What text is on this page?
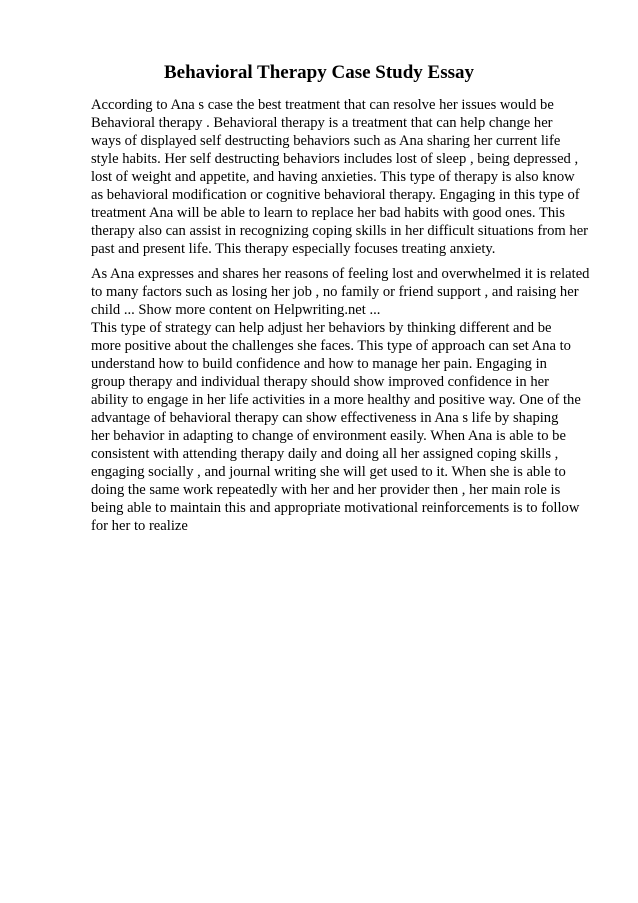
Behavioral Therapy Case Study Essay

According to Ana s case the best treatment that can resolve her issues would be

Behavioral therapy . Behavioral therapy is a treatment that can help change her

ways of displayed self destructing behaviors such as Ana sharing her current life

style habits. Her self destructing behaviors includes lost of sleep , being depressed ,

lost of weight and appetite, and having anxieties. This type of therapy is also know

as behavioral modification or cognitive behavioral therapy. Engaging in this type of

treatment Ana will be able to learn to replace her bad habits with good ones. This

therapy also can assist in recognizing coping skills in her difficult situations from her

past and present life. This therapy especially focuses treating anxiety.

As Ana expresses and shares her reasons of feeling lost and overwhelmed it is related

to many factors such as losing her job , no family or friend support , and raising her

child ... Show more content on Helpwriting.net ...

This type of strategy can help adjust her behaviors by thinking different and be

more positive about the challenges she faces. This type of approach can set Ana to

understand how to build confidence and how to manage her pain. Engaging in

group therapy and individual therapy should show improved confidence in her

ability to engage in her life activities in a more healthy and positive way. One of the

advantage of behavioral therapy can show effectiveness in Ana s life by shaping

her behavior in adapting to change of environment easily. When Ana is able to be

consistent with attending therapy daily and doing all her assigned coping skills ,

engaging socially , and journal writing she will get used to it. When she is able to

doing the same work repeatedly with her and her provider then , her main role is

being able to maintain this and appropriate motivational reinforcements is to follow

for her to realize
